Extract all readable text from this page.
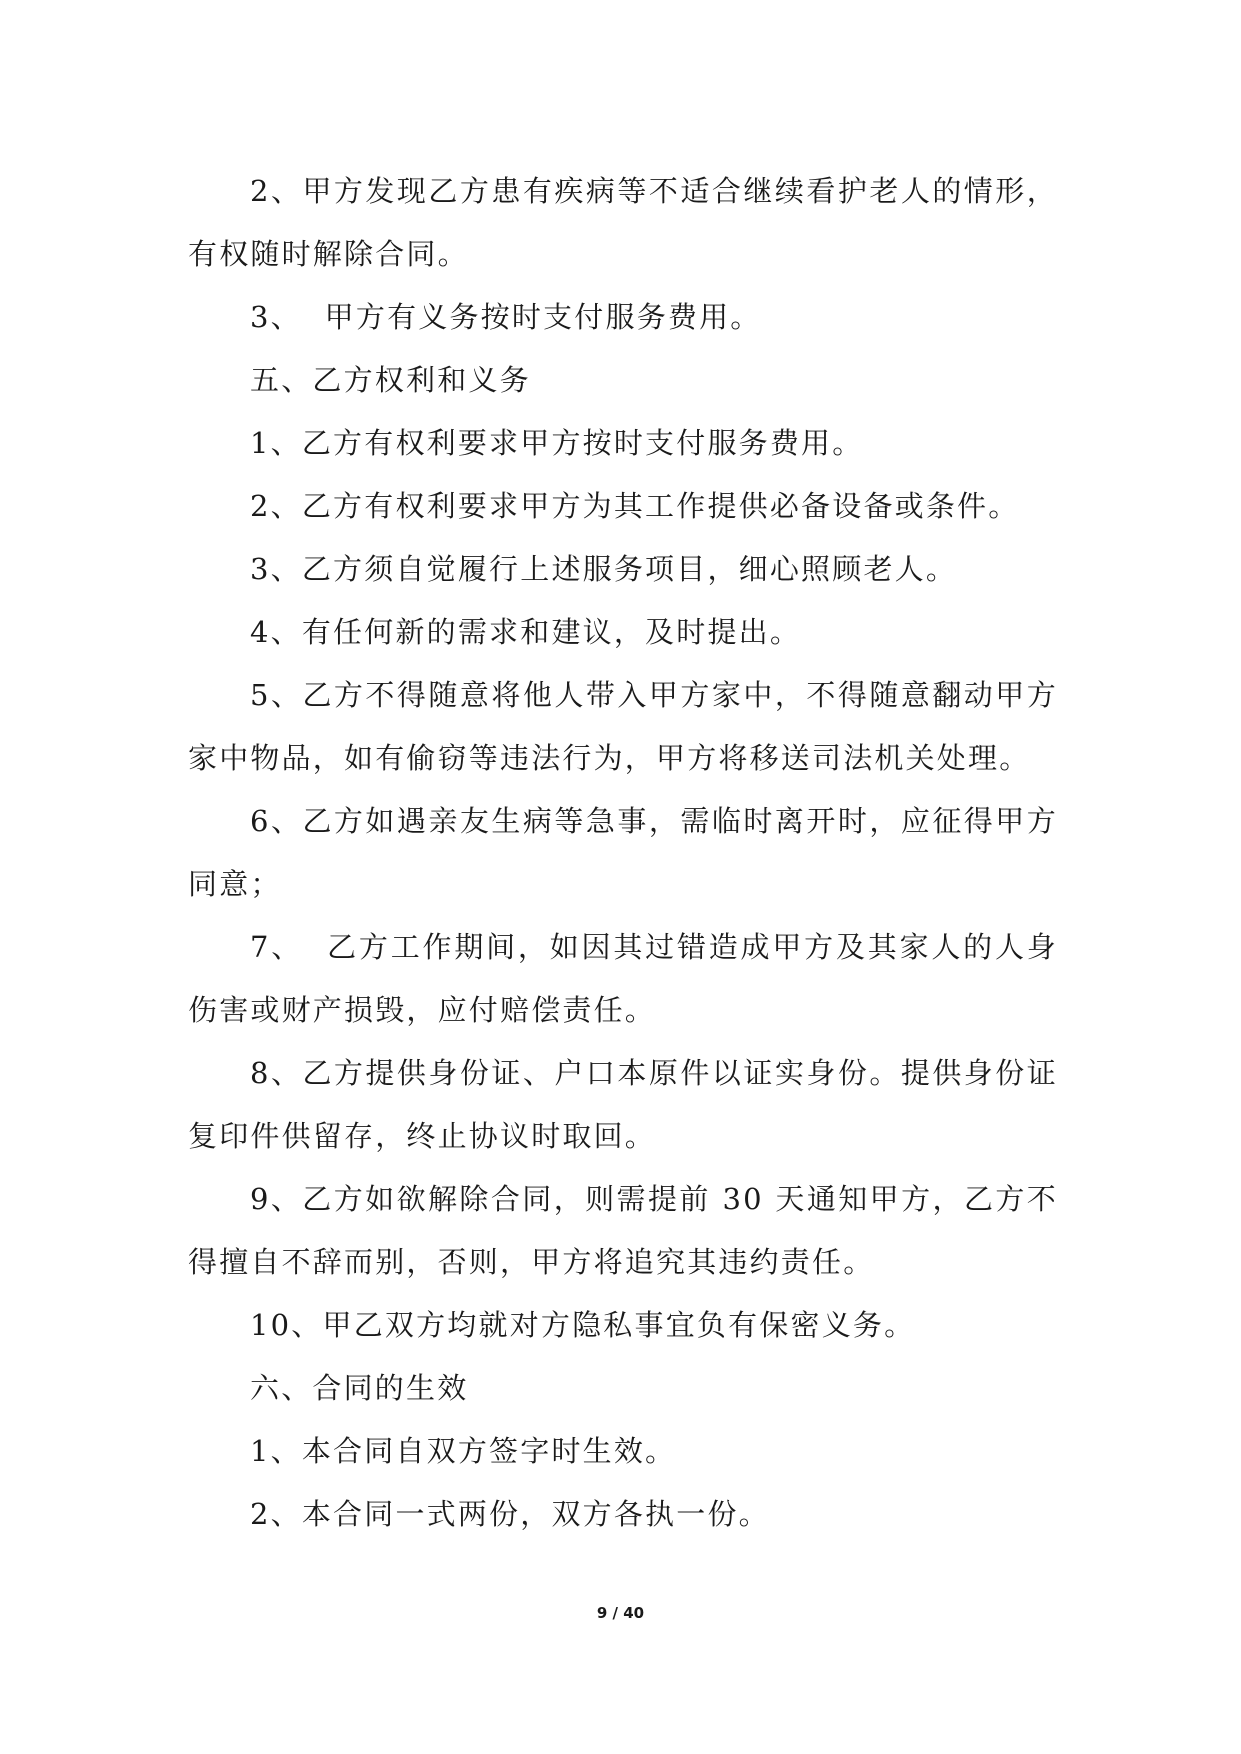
2、甲方发现乙方患有疾病等不适合继续看护老人的情形，有权随时解除合同。

3、  甲方有义务按时支付服务费用。

五、乙方权利和义务

1、乙方有权利要求甲方按时支付服务费用。

2、乙方有权利要求甲方为其工作提供必备设备或条件。

3、乙方须自觉履行上述服务项目，细心照顾老人。

4、有任何新的需求和建议，及时提出。

5、乙方不得随意将他人带入甲方家中，不得随意翻动甲方家中物品，如有偷窃等违法行为，甲方将移送司法机关处理。

6、乙方如遇亲友生病等急事，需临时离开时，应征得甲方同意；

7、  乙方工作期间，如因其过错造成甲方及其家人的人身伤害或财产损毁，应付赔偿责任。

8、乙方提供身份证、户口本原件以证实身份。提供身份证复印件供留存，终止协议时取回。

9、乙方如欲解除合同，则需提前 30 天通知甲方，乙方不得擅自不辞而别，否则，甲方将追究其违约责任。

10、甲乙双方均就对方隐私事宜负有保密义务。

六、合同的生效

1、本合同自双方签字时生效。

2、本合同一式两份，双方各执一份。

9 / 40
